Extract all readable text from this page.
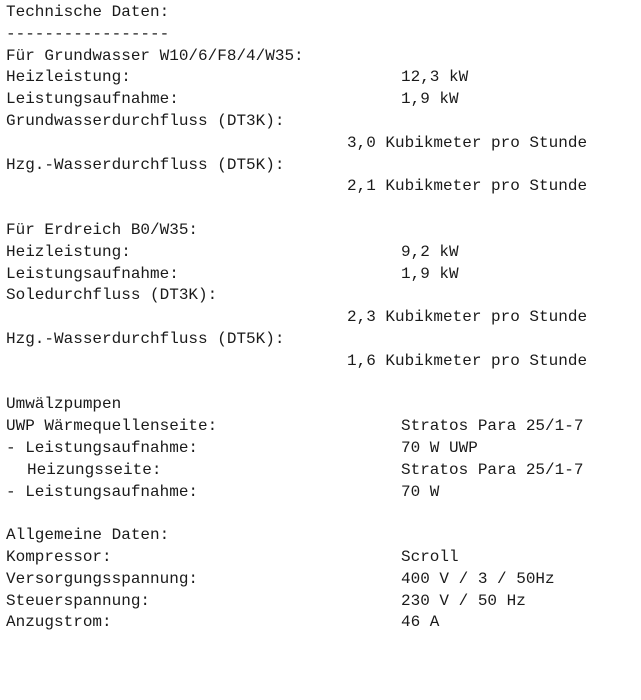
Technische Daten:

-----------------

Für Grundwasser W10/6/F8/4/W35:

Heizleistung:

	12,3 kW

Leistungsaufnahme:

	1,9 kW

Grundwasserdurchfluss (DT3K):

3,0 Kubikmeter pro Stunde

Hzg.-Wasserdurchfluss (DT5K):

2,1 Kubikmeter pro Stunde

Für Erdreich B0/W35:

Heizleistung:

	9,2 kW

Leistungsaufnahme:

	1,9 kW

Soledurchfluss (DT3K):

2,3 Kubikmeter pro Stunde

Hzg.-Wasserdurchfluss (DT5K):

1,6 Kubikmeter pro Stunde

Umwälzpumpen

UWP Wärmequellenseite:

	Stratos Para 25/1-7

- Leistungsaufnahme:

	70 W UWP

Heizungsseite:

	Stratos Para 25/1-7

- Leistungsaufnahme:

	70 W

Allgemeine Daten:

Kompressor:

	Scroll

Versorgungsspannung:

	400 V / 3 / 50Hz

Steuerspannung:

	230 V / 50 Hz

Anzugstrom:

	46 A
